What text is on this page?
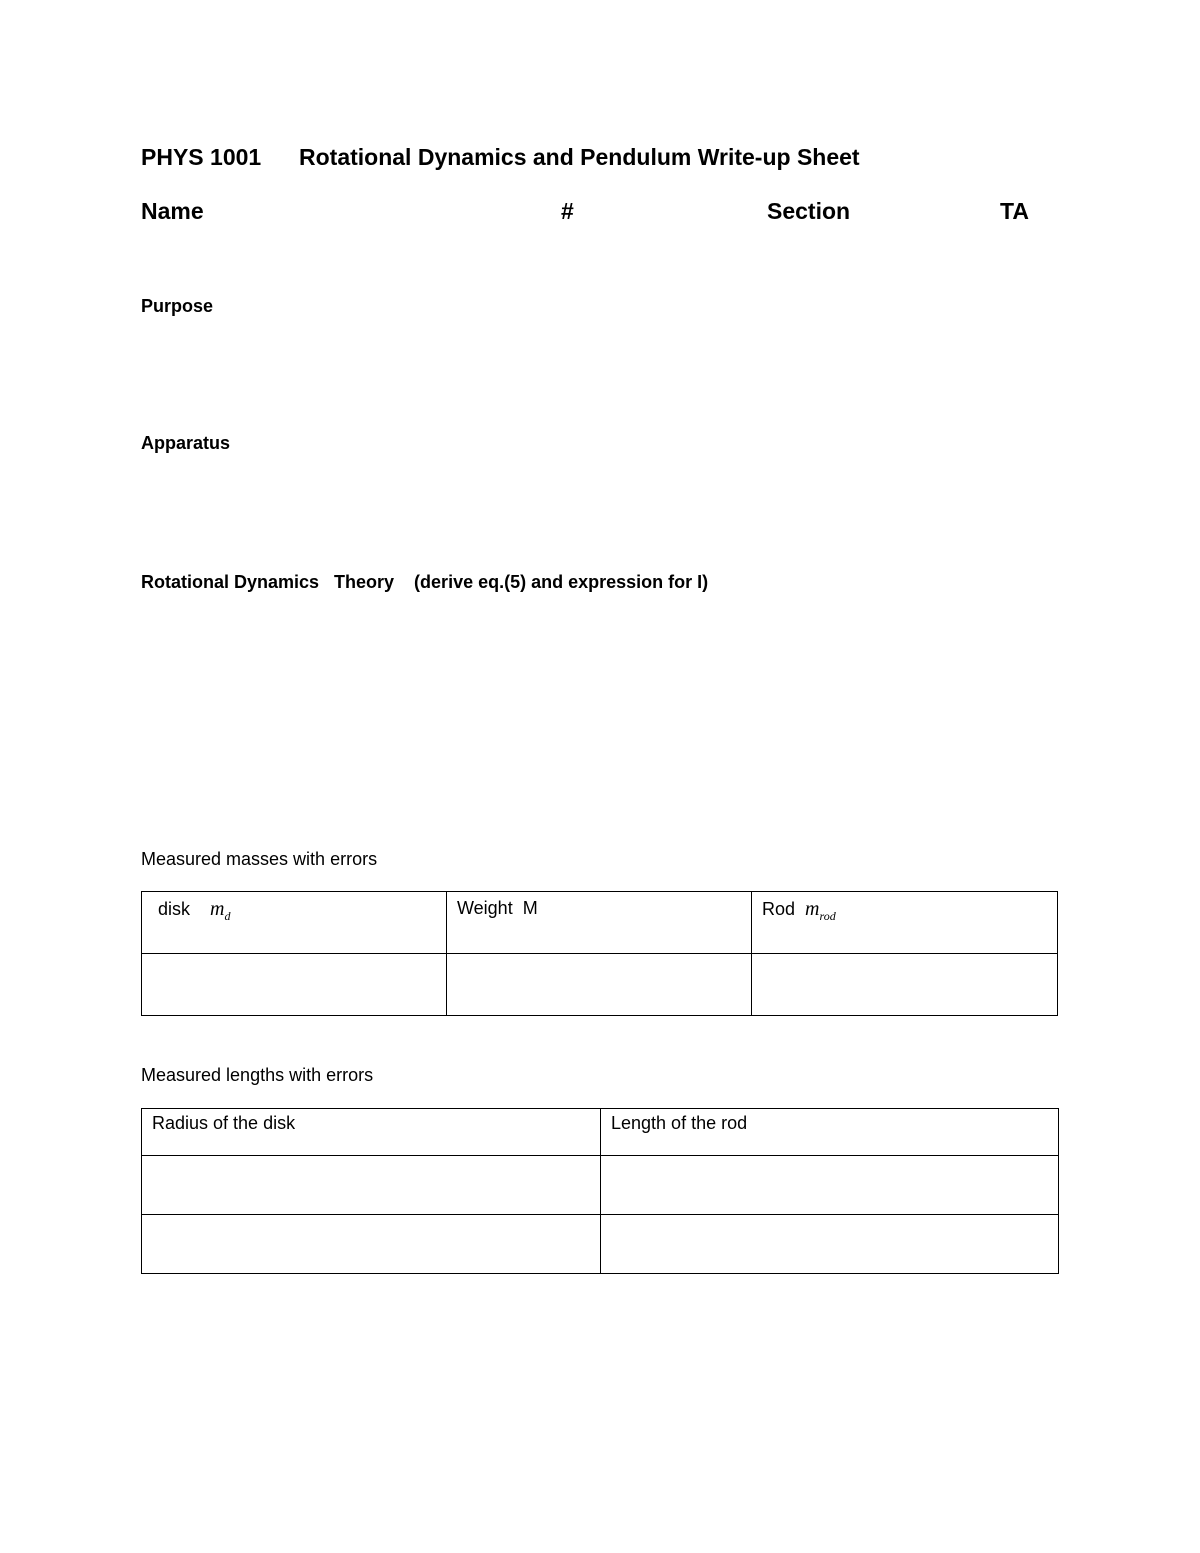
PHYS 1001 Rotational Dynamics and Pendulum Write-up Sheet
Name	#	Section	TA
Purpose
Apparatus
Rotational Dynamics   Theory    (derive eq.(5) and expression for I)
Measured masses with errors
disk $m_d$	Weight  M	Rod $m_{rod}$

Measured lengths with errors
Radius of the disk	Length of the rod
